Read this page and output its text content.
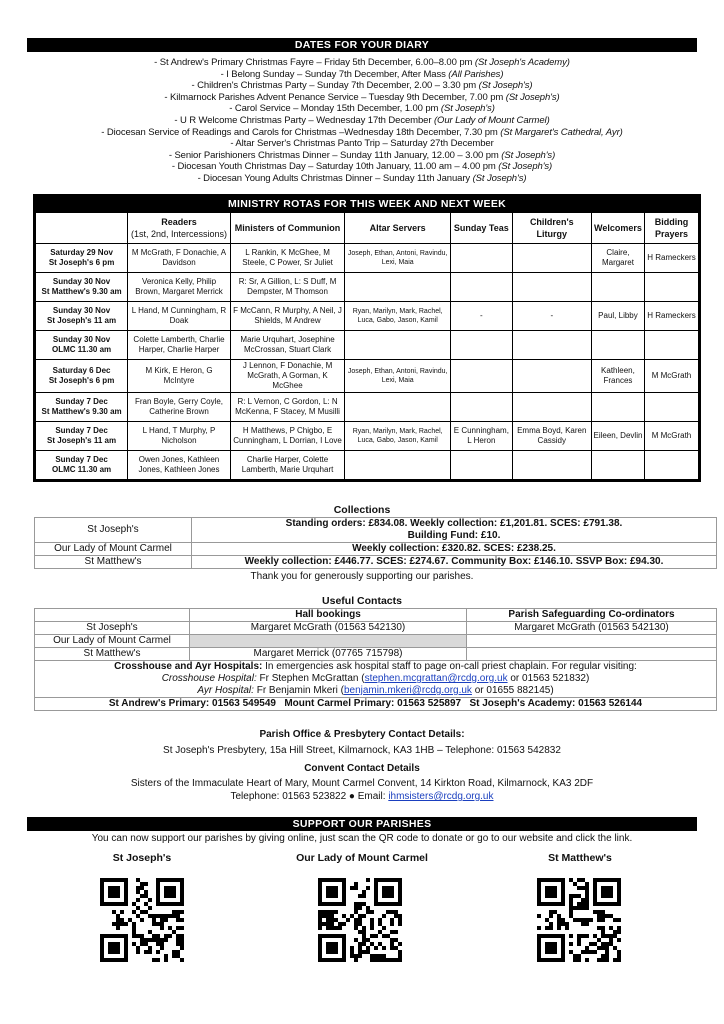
DATES FOR YOUR DIARY
- St Andrew's Primary Christmas Fayre – Friday 5th December, 6.00–8.00 pm (St Joseph's Academy)
- I Belong Sunday – Sunday 7th December, After Mass (All Parishes)
- Children's Christmas Party – Sunday 7th December, 2.00 – 3.30 pm (St Joseph's)
- Kilmarnock Parishes Advent Penance Service – Tuesday 9th December, 7.00 pm (St Joseph's)
- Carol Service – Monday 15th December, 1.00 pm (St Joseph's)
- U R Welcome Christmas Party – Wednesday 17th December (Our Lady of Mount Carmel)
- Diocesan Service of Readings and Carols for Christmas –Wednesday 18th December, 7.30 pm (St Margaret's Cathedral, Ayr)
- Altar Server's Christmas Panto Trip – Saturday 27th December
- Senior Parishioners Christmas Dinner – Sunday 11th January, 12.00 – 3.00 pm (St Joseph's)
- Diocesan Youth Christmas Day – Saturday 10th January, 11.00 am – 4.00 pm (St Joseph's)
- Diocesan Young Adults Christmas Dinner – Sunday 11th January (St Joseph's)
MINISTRY ROTAS FOR THIS WEEK AND NEXT WEEK
	Readers
(1st, 2nd, Intercessions)	Ministers of Communion	Altar Servers	Sunday Teas	Children's Liturgy	Welcomers	Bidding Prayers
Saturday 29 Nov
St Joseph's 6 pm	M McGrath, F Donachie, A Davidson	L Rankin, K McGhee, M Steele, C Power, Sr Juliet	Joseph, Ethan, Antoni, Ravindu, Lexi, Maia			Claire, Margaret	H Rameckers
Sunday 30 Nov
St Matthew's 9.30 am	Veronica Kelly, Philip Brown, Margaret Merrick	R: Sr, A Gillion, L: S Duff, M Dempster, M Thomson					
Sunday 30 Nov
St Joseph's 11 am	L Hand, M Cunningham, R Doak	F McCann, R Murphy, A Neil, J Shields, M Andrew	Ryan, Marilyn, Mark, Rachel, Luca, Gabo, Jason, Kamil	-	-	Paul, Libby	H Rameckers
Sunday 30 Nov
OLMC 11.30 am	Colette Lamberth, Charlie Harper, Charlie Harper	Marie Urquhart, Josephine McCrossan, Stuart Clark					
Saturday 6 Dec
St Joseph's 6 pm	M Kirk, E Heron, G McIntyre	J Lennon, F Donachie, M McGrath, A Gorman, K McGhee	Joseph, Ethan, Antoni, Ravindu, Lexi, Maia			Kathleen, Frances	M McGrath
Sunday 7 Dec
St Matthew's 9.30 am	Fran Boyle, Gerry Coyle, Catherine Brown	R: L Vernon, C Gordon, L: N McKenna, F Stacey, M Musilli					
Sunday 7 Dec
St Joseph's 11 am	L Hand, T Murphy, P Nicholson	H Matthews, P Chigbo, E Cunningham, L Dorrian, I Love	Ryan, Marilyn, Mark, Rachel, Luca, Gabo, Jason, Kamil	E Cunningham, L Heron	Emma Boyd, Karen Cassidy	Eileen, Devlin	M McGrath
Sunday 7 Dec
OLMC 11.30 am	Owen Jones, Kathleen Jones, Kathleen Jones	Charlie Harper, Colette Lamberth, Marie Urquhart					
Collections
St Joseph's	Standing orders: £834.08. Weekly collection: £1,201.81. SCES: £791.38.
Building Fund: £10.
Our Lady of Mount Carmel	Weekly collection: £320.82. SCES: £238.25.
St Matthew's	Weekly collection: £446.77. SCES: £274.67. Community Box: £146.10. SSVP Box: £94.30.
Thank you for generously supporting our parishes.
Useful Contacts
	Hall bookings	Parish Safeguarding Co-ordinators
St Joseph's	Margaret McGrath (01563 542130)	Margaret McGrath (01563 542130)
Our Lady of Mount Carmel		
St Matthew's	Margaret Merrick (07765 715798)	
Crosshouse and Ayr Hospitals: In emergencies ask hospital staff to page on-call priest chaplain. For regular visiting:
Crosshouse Hospital: Fr Stephen McGrattan (stephen.mcgrattan@rcdg.org.uk or 01563 521832)
Ayr Hospital: Fr Benjamin Mkeri (benjamin.mkeri@rcdg.org.uk or 01655 882145)		
St Andrew's Primary: 01563 549549 Mount Carmel Primary: 01563 525897 St Joseph's Academy: 01563 526144		
Parish Office & Presbytery Contact Details:
St Joseph's Presbytery, 15a Hill Street, Kilmarnock, KA3 1HB – Telephone: 01563 542832
Convent Contact Details
Sisters of the Immaculate Heart of Mary, Mount Carmel Convent, 14 Kirkton Road, Kilmarnock, KA3 2DF
Telephone: 01563 523822 ● Email: ihmsisters@rcdg.org.uk
SUPPORT OUR PARISHES
You can now support our parishes by giving online, just scan the QR code to donate or go to our website and click the link.
St Joseph's	Our Lady of Mount Carmel	St Matthew's
